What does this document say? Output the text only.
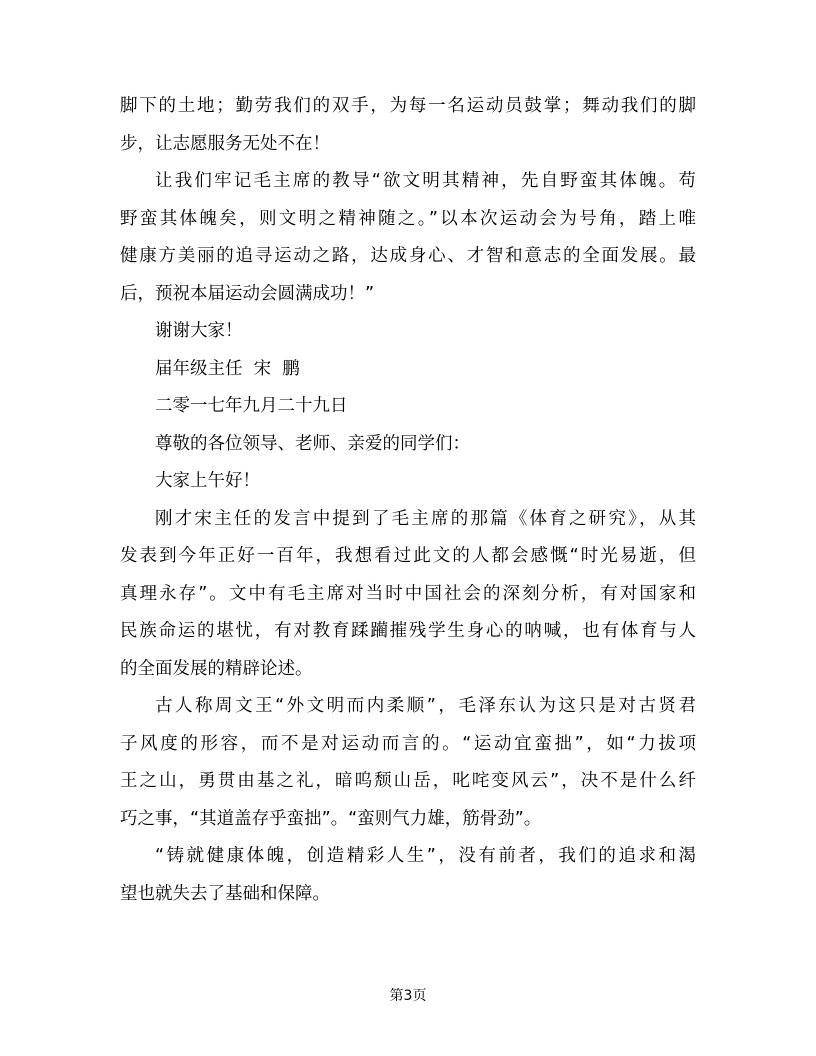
脚下的土地；勤劳我们的双手，为每一名运动员鼓掌；舞动我们的脚
步，让志愿服务无处不在！
让我们牢记毛主席的教导“欲文明其精神，先自野蛮其体魄。苟
野蛮其体魄矣，则文明之精神随之。”以本次运动会为号角，踏上唯
健康方美丽的追寻运动之路，达成身心、才智和意志的全面发展。最
后，预祝本届运动会圆满成功！”
谢谢大家！
届年级主任  宋  鹏
二零一七年九月二十九日
尊敬的各位领导、老师、亲爱的同学们：
大家上午好！
刚才宋主任的发言中提到了毛主席的那篇《体育之研究》，从其
发表到今年正好一百年，我想看过此文的人都会感慨“时光易逝，但
真理永存”。文中有毛主席对当时中国社会的深刻分析，有对国家和
民族命运的堪忧，有对教育蹂躏摧残学生身心的呐喊，也有体育与人
的全面发展的精辟论述。
古人称周文王“外文明而内柔顺”，毛泽东认为这只是对古贤君
子风度的形容，而不是对运动而言的。“运动宜蛮拙”，如“力拔项
王之山，勇贯由基之礼，暗呜颓山岳，叱咤变风云”，决不是什么纤
巧之事，“其道盖存乎蛮拙”。“蛮则气力雄，筋骨劲”。
“铸就健康体魄，创造精彩人生”，没有前者，我们的追求和渴
望也就失去了基础和保障。
第3页
